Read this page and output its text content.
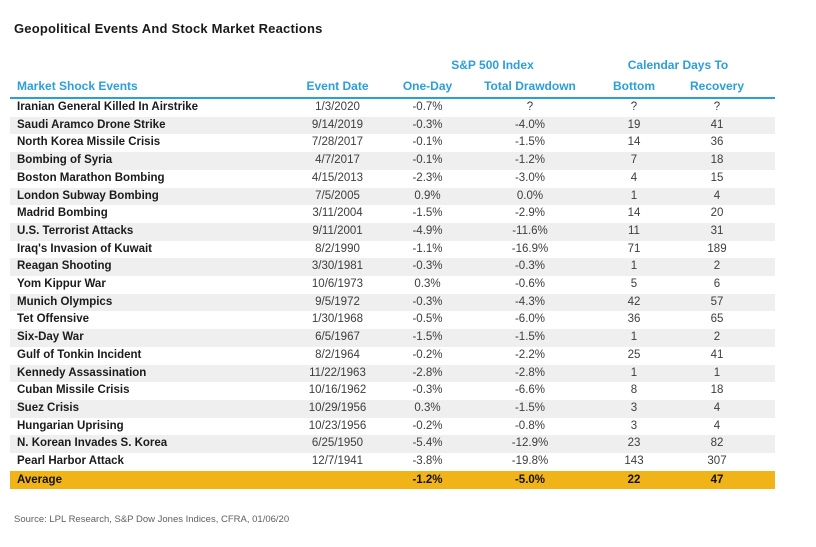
Geopolitical Events And Stock Market Reactions
		S&P 500 Index		Calendar Days To	
Market Shock Events	Event Date	One-Day	Total Drawdown	Bottom	Recovery
Iranian General Killed In Airstrike	1/3/2020	-0.7%	?	?	?
Saudi Aramco Drone Strike	9/14/2019	-0.3%	-4.0%	19	41
North Korea Missile Crisis	7/28/2017	-0.1%	-1.5%	14	36
Bombing of Syria	4/7/2017	-0.1%	-1.2%	7	18
Boston Marathon Bombing	4/15/2013	-2.3%	-3.0%	4	15
London Subway Bombing	7/5/2005	0.9%	0.0%	1	4
Madrid Bombing	3/11/2004	-1.5%	-2.9%	14	20
U.S. Terrorist Attacks	9/11/2001	-4.9%	-11.6%	11	31
Iraq's Invasion of Kuwait	8/2/1990	-1.1%	-16.9%	71	189
Reagan Shooting	3/30/1981	-0.3%	-0.3%	1	2
Yom Kippur War	10/6/1973	0.3%	-0.6%	5	6
Munich Olympics	9/5/1972	-0.3%	-4.3%	42	57
Tet Offensive	1/30/1968	-0.5%	-6.0%	36	65
Six-Day War	6/5/1967	-1.5%	-1.5%	1	2
Gulf of Tonkin Incident	8/2/1964	-0.2%	-2.2%	25	41
Kennedy Assassination	11/22/1963	-2.8%	-2.8%	1	1
Cuban Missile Crisis	10/16/1962	-0.3%	-6.6%	8	18
Suez Crisis	10/29/1956	0.3%	-1.5%	3	4
Hungarian Uprising	10/23/1956	-0.2%	-0.8%	3	4
N. Korean Invades S. Korea	6/25/1950	-5.4%	-12.9%	23	82
Pearl Harbor Attack	12/7/1941	-3.8%	-19.8%	143	307
Average		-1.2%	-5.0%	22	47
Source: LPL Research, S&P Dow Jones Indices, CFRA, 01/06/20
